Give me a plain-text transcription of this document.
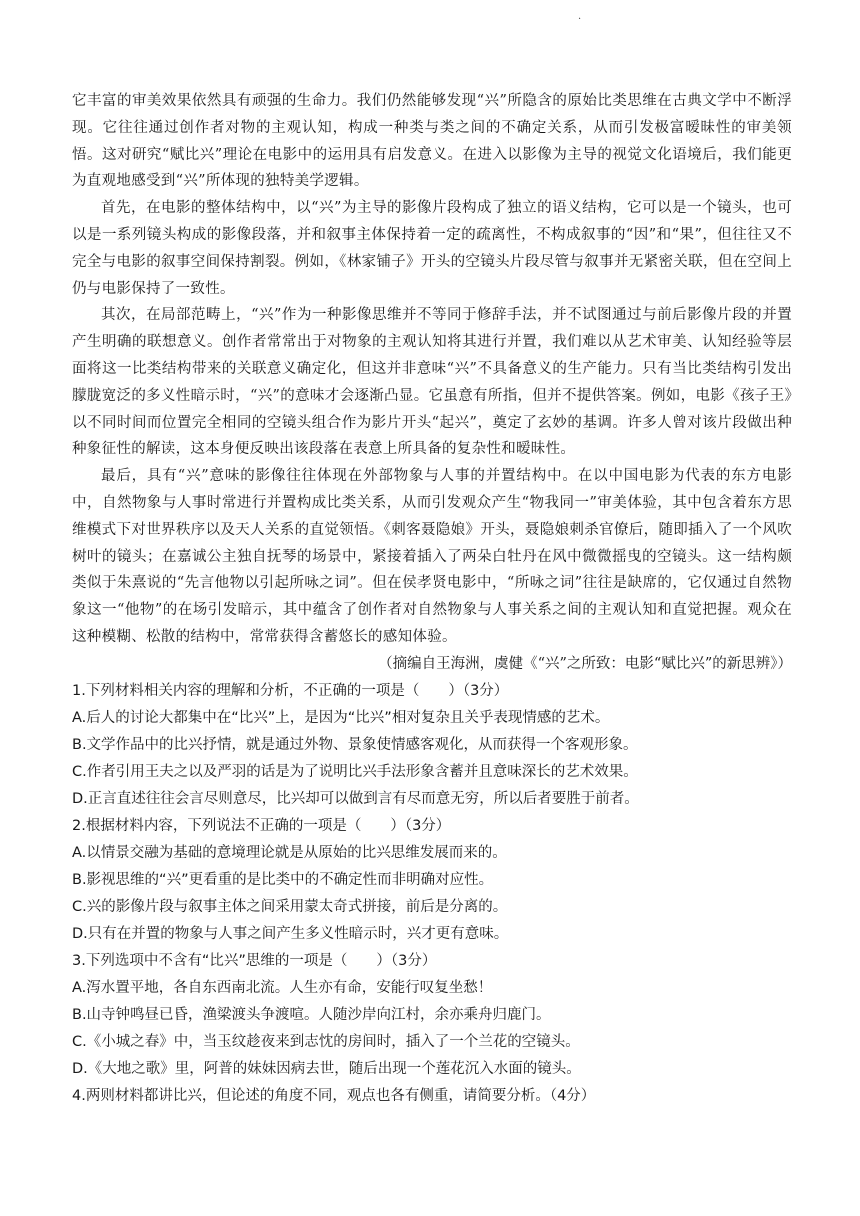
·

它丰富的审美效果依然具有顽强的生命力。我们仍然能够发现“兴”所隐含的原始比类思维在古典文学中不断浮现。它往往通过创作者对物的主观认知，构成一种类与类之间的不确定关系，从而引发极富暧昧性的审美领悟。这对研究“赋比兴”理论在电影中的运用具有启发意义。在进入以影像为主导的视觉文化语境后，我们能更为直观地感受到“兴”所体现的独特美学逻辑。

首先，在电影的整体结构中，以“兴”为主导的影像片段构成了独立的语义结构，它可以是一个镜头，也可以是一系列镜头构成的影像段落，并和叙事主体保持着一定的疏离性，不构成叙事的“因”和“果”，但往往又不完全与电影的叙事空间保持割裂。例如，《林家铺子》开头的空镜头片段尽管与叙事并无紧密关联，但在空间上仍与电影保持了一致性。

其次，在局部范畴上，“兴”作为一种影像思维并不等同于修辞手法，并不试图通过与前后影像片段的并置产生明确的联想意义。创作者常常出于对物象的主观认知将其进行并置，我们难以从艺术审美、认知经验等层面将这一比类结构带来的关联意义确定化，但这并非意味“兴”不具备意义的生产能力。只有当比类结构引发出朦胧宽泛的多义性暗示时，“兴”的意味才会逐渐凸显。它虽意有所指，但并不提供答案。例如，电影《孩子王》以不同时间而位置完全相同的空镜头组合作为影片开头“起兴”，奠定了玄妙的基调。许多人曾对该片段做出种种象征性的解读，这本身便反映出该段落在表意上所具备的复杂性和暧昧性。

最后，具有“兴”意味的影像往往体现在外部物象与人事的并置结构中。在以中国电影为代表的东方电影中，自然物象与人事时常进行并置构成比类关系，从而引发观众产生“物我同一”审美体验，其中包含着东方思维模式下对世界秩序以及天人关系的直觉领悟。《刺客聂隐娘》开头，聂隐娘刺杀官僚后，随即插入了一个风吹树叶的镜头；在嘉诚公主独自抚琴的场景中，紧接着插入了两朵白牡丹在风中微微摇曳的空镜头。这一结构颇类似于朱熹说的“先言他物以引起所咏之词”。但在侯孝贤电影中，“所咏之词”往往是缺席的，它仅通过自然物象这一“他物”的在场引发暗示，其中蕴含了创作者对自然物象与人事关系之间的主观认知和直觉把握。观众在这种模糊、松散的结构中，常常获得含蓄悠长的感知体验。

（摘编自王海洲，虞健《“兴”之所致：电影“赋比兴”的新思辨》）

1.下列材料相关内容的理解和分析，不正确的一项是（　　）（3分）

A.后人的讨论大都集中在“比兴”上，是因为“比兴”相对复杂且关乎表现情感的艺术。

B.文学作品中的比兴抒情，就是通过外物、景象使情感客观化，从而获得一个客观形象。

C.作者引用王夫之以及严羽的话是为了说明比兴手法形象含蓄并且意味深长的艺术效果。

D.正言直述往往会言尽则意尽，比兴却可以做到言有尽而意无穷，所以后者要胜于前者。

2.根据材料内容，下列说法不正确的一项是（　　）（3分）

A.以情景交融为基础的意境理论就是从原始的比兴思维发展而来的。

B.影视思维的“兴”更看重的是比类中的不确定性而非明确对应性。

C.兴的影像片段与叙事主体之间采用蒙太奇式拼接，前后是分离的。

D.只有在并置的物象与人事之间产生多义性暗示时，兴才更有意味。

3.下列选项中不含有“比兴”思维的一项是（　　）（3分）

A.泻水置平地，各自东西南北流。人生亦有命，安能行叹复坐愁！

B.山寺钟鸣昼已昏，渔梁渡头争渡喧。人随沙岸向江村，余亦乘舟归鹿门。

C.《小城之春》中，当玉纹趁夜来到志忱的房间时，插入了一个兰花的空镜头。

D.《大地之歌》里，阿普的妹妹因病去世，随后出现一个莲花沉入水面的镜头。

4.两则材料都讲比兴，但论述的角度不同，观点也各有侧重，请简要分析。（4分）
